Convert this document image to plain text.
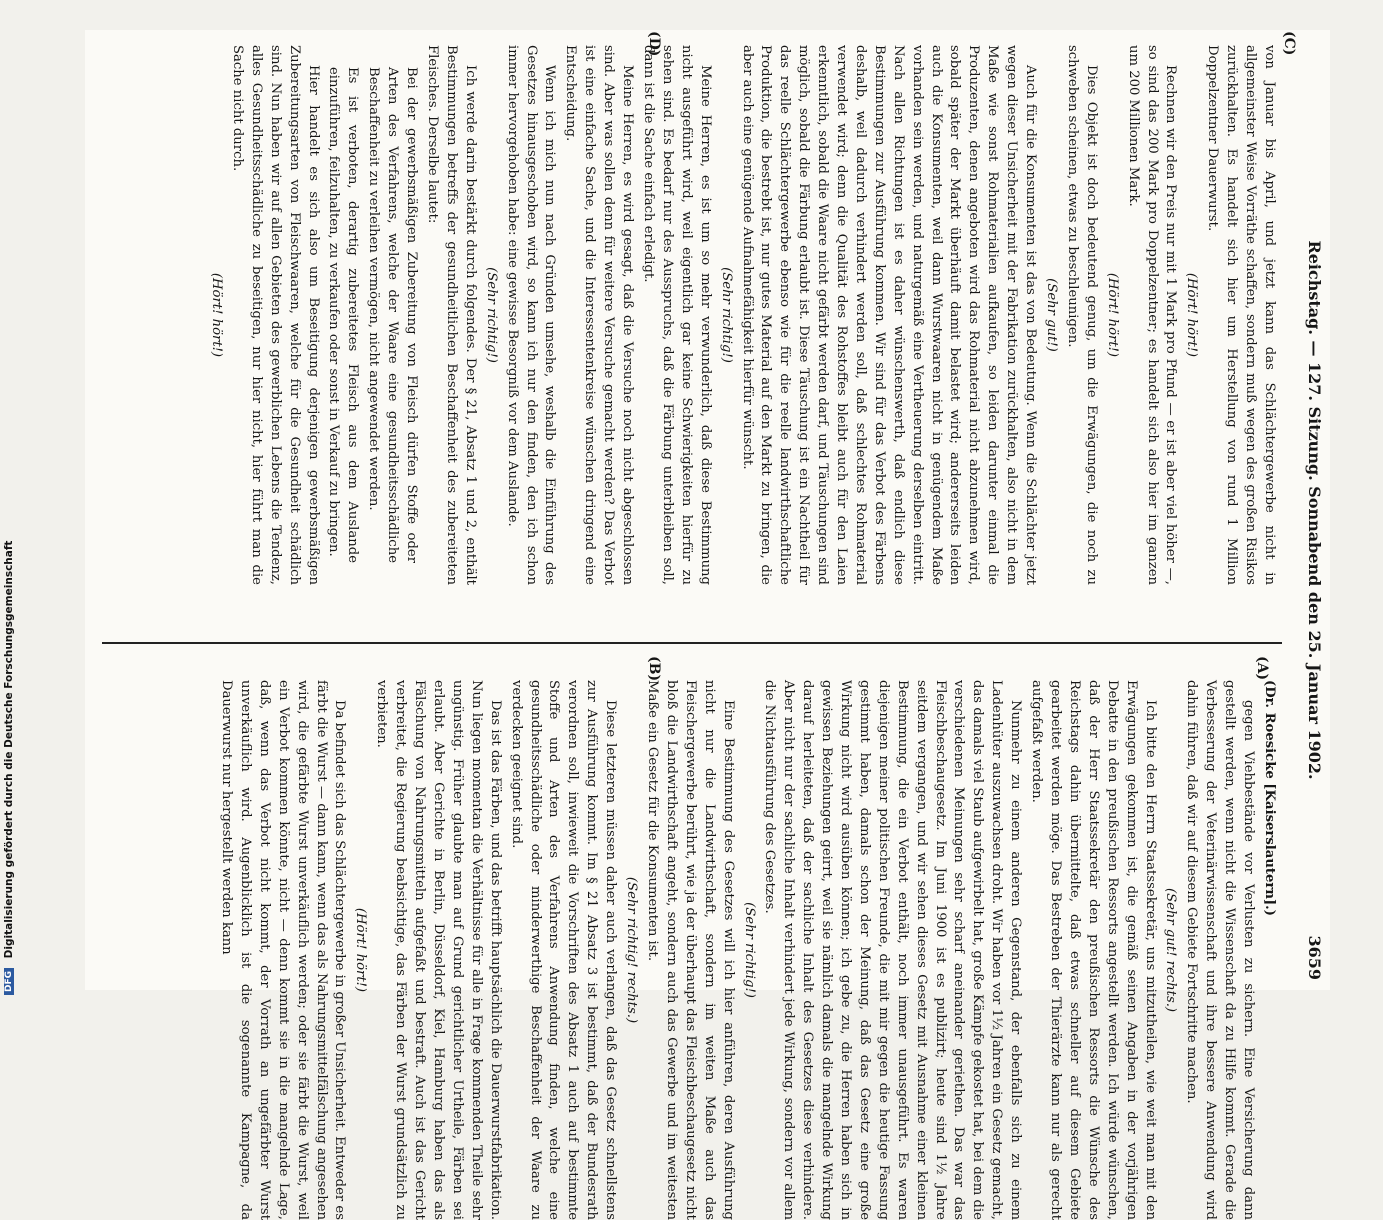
Reichstag. — 127. Sitzung. Sonnabend den 25. Januar 1902.
3659
(C)
(D)
(A)
(B)

(Dr. Roesicke [Kaiserslautern].)

gegen Viehbestände vor Verlusten zu sichern. Eine Versicherung dann gestellt werden, wenn nicht die Wissenschaft da zu Hilfe kommt. Gerade die Verbesserung der Veterinärwissenschaft und ihre bessere Anwendung wird dahin führen, daß wir auf diesem Gebiete Fortschritte machen.

(Sehr gut! rechts.)

Ich bitte den Herrn Staatssekretär, uns mitzutheilen, wie weit man mit den Erwägungen gekommen ist, die gemäß seinen Angaben in der vorjährigen Debatte in den preußischen Ressorts angestellt werden. Ich würde wünschen, daß der Herr Staatssekretär den preußischen Ressorts die Wünsche des Reichstags dahin übermittelte, daß etwas schneller auf diesem Gebiete gearbeitet werden möge. Das Bestreben der Thierärzte kann nur als gerecht aufgefaßt werden.

Nunmehr zu einem anderen Gegenstand, der ebenfalls sich zu einem Ladenhüter auszuwachsen droht. Wir haben vor 1½ Jahren ein Gesetz gemacht, das damals viel Staub aufgewirbelt hat, große Kämpfe gekostet hat, bei dem die verschiedenen Meinungen sehr scharf aneinander geriethen. Das war das Fleischbeschaugesetz. Im Juni 1900 ist es publizirt; heute sind 1½ Jahre seitdem vergangen, und wir sehen dieses Gesetz mit Ausnahme einer kleinen Bestimmung, die ein Verbot enthält, noch immer unausgeführt. Es waren diejenigen meiner politischen Freunde, die mit mir gegen die heutige Fassung gestimmt haben, damals schon der Meinung, daß das Gesetz eine große Wirkung nicht wird ausüben können; ich gebe zu, die Herren haben sich in gewissen Beziehungen geirrt, weil sie nämlich damals die mangelnde Wirkung darauf herleiteten, daß der sachliche Inhalt des Gesetzes diese verhindere. Aber nicht nur der sachliche Inhalt verhindert jede Wirkung, sondern vor allem die Nichtausführung des Gesetzes.

(Sehr richtig!)

Eine Bestimmung des Gesetzes will ich hier anführen, deren Ausführung nicht nur die Landwirthschaft, sondern im weiten Maße auch das Fleischergewerbe berührt, wie ja der überhaupt das Fleischbeschaugesetz nicht bloß die Landwirthschaft angeht, sondern auch das Gewerbe und im weitesten Maße ein Gesetz für die Konsumenten ist.

(Sehr richtig! rechts.)

Diese letzteren müssen daher auch verlangen, daß das Gesetz schnellstens zur Ausführung kommt. Im § 21 Absatz 3 ist bestimmt, daß der Bundesrath verordnen soll, inwieweit die Vorschriften des Absatz 1 auch auf bestimmte Stoffe und Arten des Verfahrens Anwendung finden, welche eine gesundheitsschädliche oder minderwerthige Beschaffenheit der Waare zu verdecken geeignet sind.

Das ist das Färben, und das betrifft hauptsächlich die Dauerwurstfabrikation. Nun liegen momentan die Verhältnisse für alle in Frage kommenden Theile sehr ungünstig. Früher glaubte man auf Grund gerichtlicher Urtheile, Färben sei erlaubt. Aber Gerichte in Berlin, Düsseldorf, Kiel, Hamburg haben das als Fälschung von Nahrungsmitteln aufgefaßt und bestraft. Auch ist das Gericht verbreitet, die Regierung beabsichtige, das Färben der Wurst grundsätzlich zu verbieten.

(Hört! hört!)

Da befindet sich das Schlächtergewerbe in großer Unsicherheit. Entweder es färbt die Wurst — dann kann, wenn das als Nahrungsmittelfälschung angesehen wird, die gefärbte Wurst unverkäuflich werden; oder sie färbt die Wurst, weil ein Verbot kommen könnte, nicht — denn kommt sie in die mangelnde Lage, daß, wenn das Verbot nicht kommt, der Vorrath an ungefärbter Wurst unverkäuflich wird. Augenblicklich ist die sogenannte Kampagne, da Dauerwurst nur hergestellt werden kann

von Januar bis April, und jetzt kann das Schlächtergewerbe nicht in allgemeinster Weise Vorräthe schaffen, sondern muß wegen des großen Risikos zurückhalten. Es handelt sich hier um Herstellung von rund 1 Million Doppelzentner Dauerwurst.

(Hört! hört!)

Rechnen wir den Preis nur mit 1 Mark pro Pfund — er ist aber viel höher —, so sind das 200 Mark pro Doppelzentner; es handelt sich also hier im ganzen um 200 Millionen Mark.

(Hört! hört!)

Dies Objekt ist doch bedeutend genug, um die Erwägungen, die noch zu schweben scheinen, etwas zu beschleunigen.

(Sehr gut!)

Auch für die Konsumenten ist das von Bedeutung. Wenn die Schlächter jetzt wegen dieser Unsicherheit mit der Fabrikation zurückhalten, also nicht in dem Maße wie sonst Rohmaterialien aufkaufen, so leiden darunter einmal die Produzenten, denen angeboten wird das Rohmaterial nicht abzunehmen wird, sobald später der Markt überhäuft damit belastet wird; andererseits leiden auch die Konsumenten, weil dann Wurstwaaren nicht in genügendem Maße vorhanden sein werden, und naturgemäß eine Vertheuerung derselben eintritt. Nach allen Richtungen ist es daher wünschenswerth, daß endlich diese Bestimmungen zur Ausführung kommen. Wir sind für das Verbot des Färbens deshalb, weil dadurch verhindert werden soll, daß schlechtes Rohmaterial verwendet wird; denn die Qualität des Rohstoffes bleibt auch für den Laien erkenntlich, sobald die Waare nicht gefärbt werden darf, und Täuschungen sind möglich, sobald die Färbung erlaubt ist. Diese Täuschung ist ein Nachtheil für das reelle Schlächtergewerbe ebenso wie für die reelle landwirthschaftliche Produktion, die bestrebt ist, nur gutes Material auf den Markt zu bringen, die aber auch eine genügende Aufnahmefähigkeit hierfür wünscht.

(Sehr richtig!)

Meine Herren, es ist um so mehr verwunderlich, daß diese Bestimmung nicht ausgeführt wird, weil eigentlich gar keine Schwierigkeiten hierfür zu sehen sind. Es bedarf nur des Ausspruchs, daß die Färbung unterbleiben soll, dann ist die Sache einfach erledigt.

Meine Herren, es wird gesagt, daß die Versuche noch nicht abgeschlossen sind. Aber was sollen denn für weitere Versuche gemacht werden? Das Verbot ist eine einfache Sache, und die Interessentenkreise wünschen dringend eine Entscheidung.

Wenn ich mich nun nach Gründen umsehe, weshalb die Einführung des Gesetzes hinausgeschoben wird, so kann ich nur den finden, den ich schon immer hervorgehoben habe: eine gewisse Besorgniß vor dem Auslande.

(Sehr richtig!)

Ich werde darin bestärkt durch folgendes. Der § 21, Absatz 1 und 2, enthält Bestimmungen betreffs der gesundheitlichen Beschaffenheit des zubereiteten Fleisches. Derselbe lautet:

Bei der gewerbsmäßigen Zubereitung von Fleisch dürfen Stoffe oder Arten des Verfahrens, welche der Waare eine gesundheitsschädliche Beschaffenheit zu verleihen vermögen, nicht angewendet werden.

Es ist verboten, derartig zubereitetes Fleisch aus dem Auslande einzuführen, feilzuhalten, zu verkaufen oder sonst in Verkauf zu bringen.

Hier handelt es sich also um Beseitigung derjenigen gewerbsmäßigen Zubereitungsarten von Fleischwaaren, welche für die Gesundheit schädlich sind. Nun haben wir auf allen Gebieten des gewerblichen Lebens die Tendenz, alles Gesundheitsschädliche zu beseitigen, nur hier nicht, hier führt man die Sache nicht durch.

(Hört! hört!)

DFG Digitalisierung gefördert durch die Deutsche Forschungsgemeinschaft
